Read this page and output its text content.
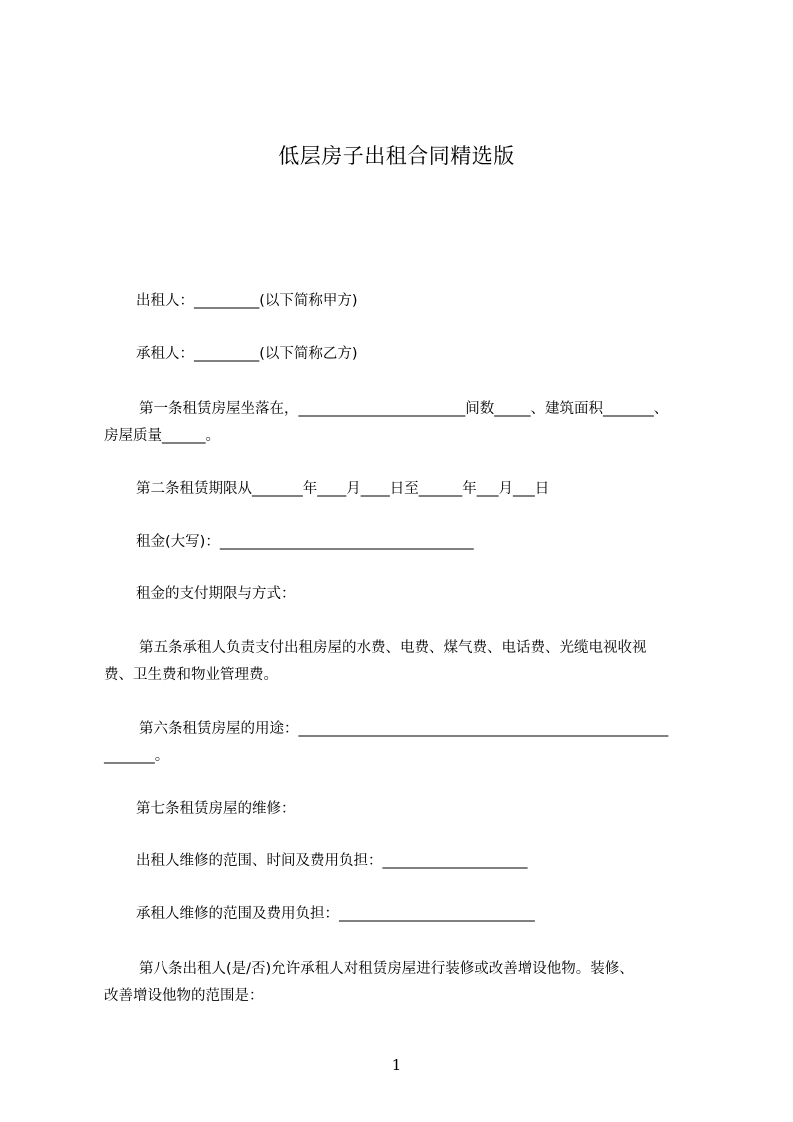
低层房子出租合同精选版
出租人：_________(以下简称甲方)
承租人：_________(以下简称乙方)
第一条租赁房屋坐落在，_______________________间数_____、建筑面积_______、
房屋质量______。
第二条租赁期限从_______年____月____日至______年___月___日
租金(大写)：___________________________________
租金的支付期限与方式：
第五条承租人负责支付出租房屋的水费、电费、煤气费、电话费、光缆电视收视
费、卫生费和物业管理费。
第六条租赁房屋的用途：___________________________________________________
_______。
第七条租赁房屋的维修：
出租人维修的范围、时间及费用负担：____________________
承租人维修的范围及费用负担：___________________________
第八条出租人(是/否)允许承租人对租赁房屋进行装修或改善增设他物。装修、
改善增设他物的范围是：
1
